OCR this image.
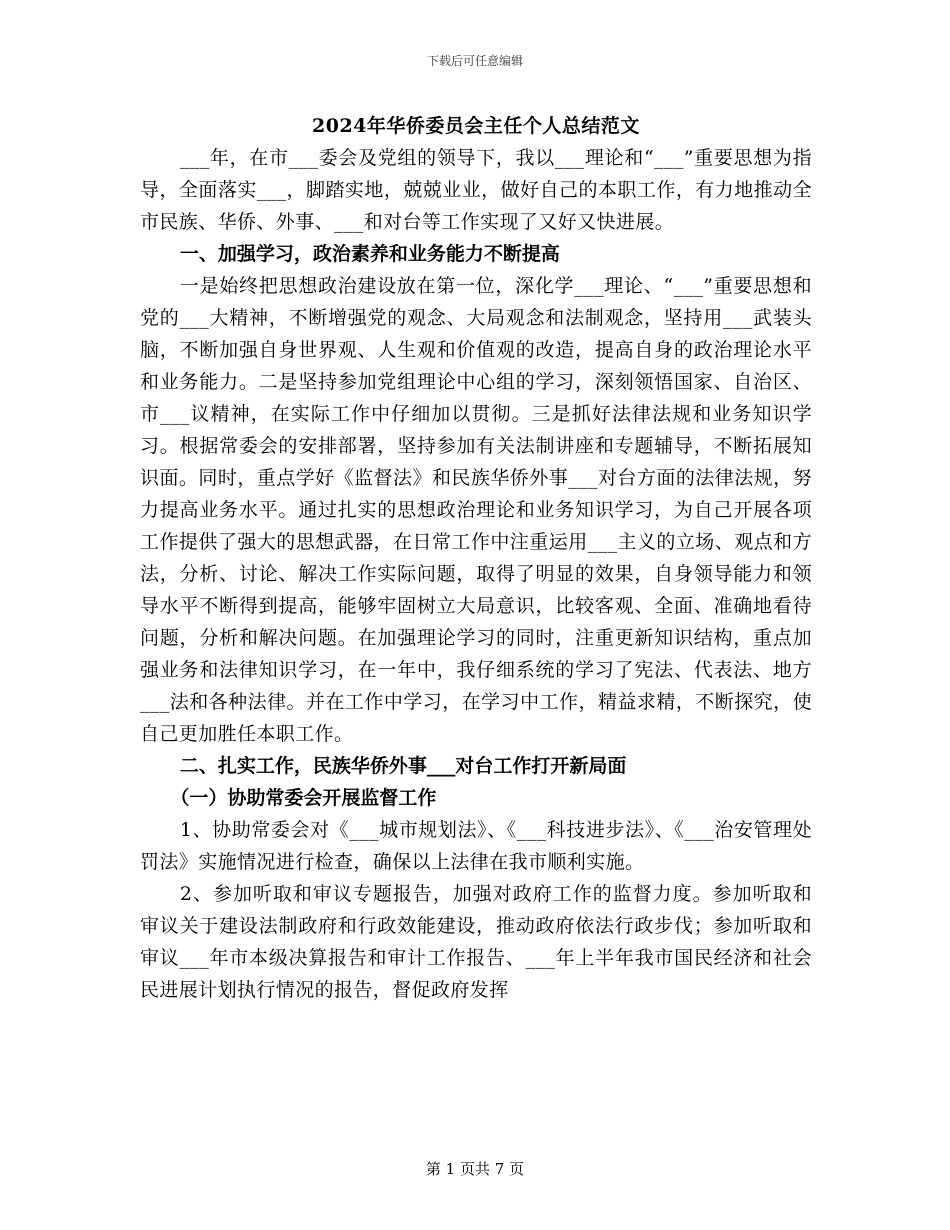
下载后可任意编辑
2024年华侨委员会主任个人总结范文
___年，在市___委会及党组的领导下，我以___理论和“___”重要思想为指导，全面落实___，脚踏实地，兢兢业业，做好自己的本职工作，有力地推动全市民族、华侨、外事、___和对台等工作实现了又好又快进展。
一、加强学习，政治素养和业务能力不断提高
一是始终把思想政治建设放在第一位，深化学___理论、“___”重要思想和党的___大精神，不断增强党的观念、大局观念和法制观念，坚持用___武装头脑，不断加强自身世界观、人生观和价值观的改造，提高自身的政治理论水平和业务能力。二是坚持参加党组理论中心组的学习，深刻领悟国家、自治区、市___议精神，在实际工作中仔细加以贯彻。三是抓好法律法规和业务知识学习。根据常委会的安排部署，坚持参加有关法制讲座和专题辅导，不断拓展知识面。同时，重点学好《监督法》和民族华侨外事___对台方面的法律法规，努力提高业务水平。通过扎实的思想政治理论和业务知识学习，为自己开展各项工作提供了强大的思想武器，在日常工作中注重运用___主义的立场、观点和方法，分析、讨论、解决工作实际问题，取得了明显的效果，自身领导能力和领导水平不断得到提高，能够牢固树立大局意识，比较客观、全面、准确地看待问题，分析和解决问题。在加强理论学习的同时，注重更新知识结构，重点加强业务和法律知识学习，在一年中，我仔细系统的学习了宪法、代表法、地方___法和各种法律。并在工作中学习，在学习中工作，精益求精，不断探究，使自己更加胜任本职工作。
二、扎实工作，民族华侨外事___对台工作打开新局面
（一）协助常委会开展监督工作
1、协助常委会对《___城市规划法》、《___科技进步法》、《___治安管理处罚法》实施情况进行检查，确保以上法律在我市顺利实施。
2、参加听取和审议专题报告，加强对政府工作的监督力度。参加听取和审议关于建设法制政府和行政效能建设，推动政府依法行政步伐；参加听取和审议___年市本级决算报告和审计工作报告、___年上半年我市国民经济和社会民进展计划执行情况的报告，督促政府发挥
第 1 页共 7 页
